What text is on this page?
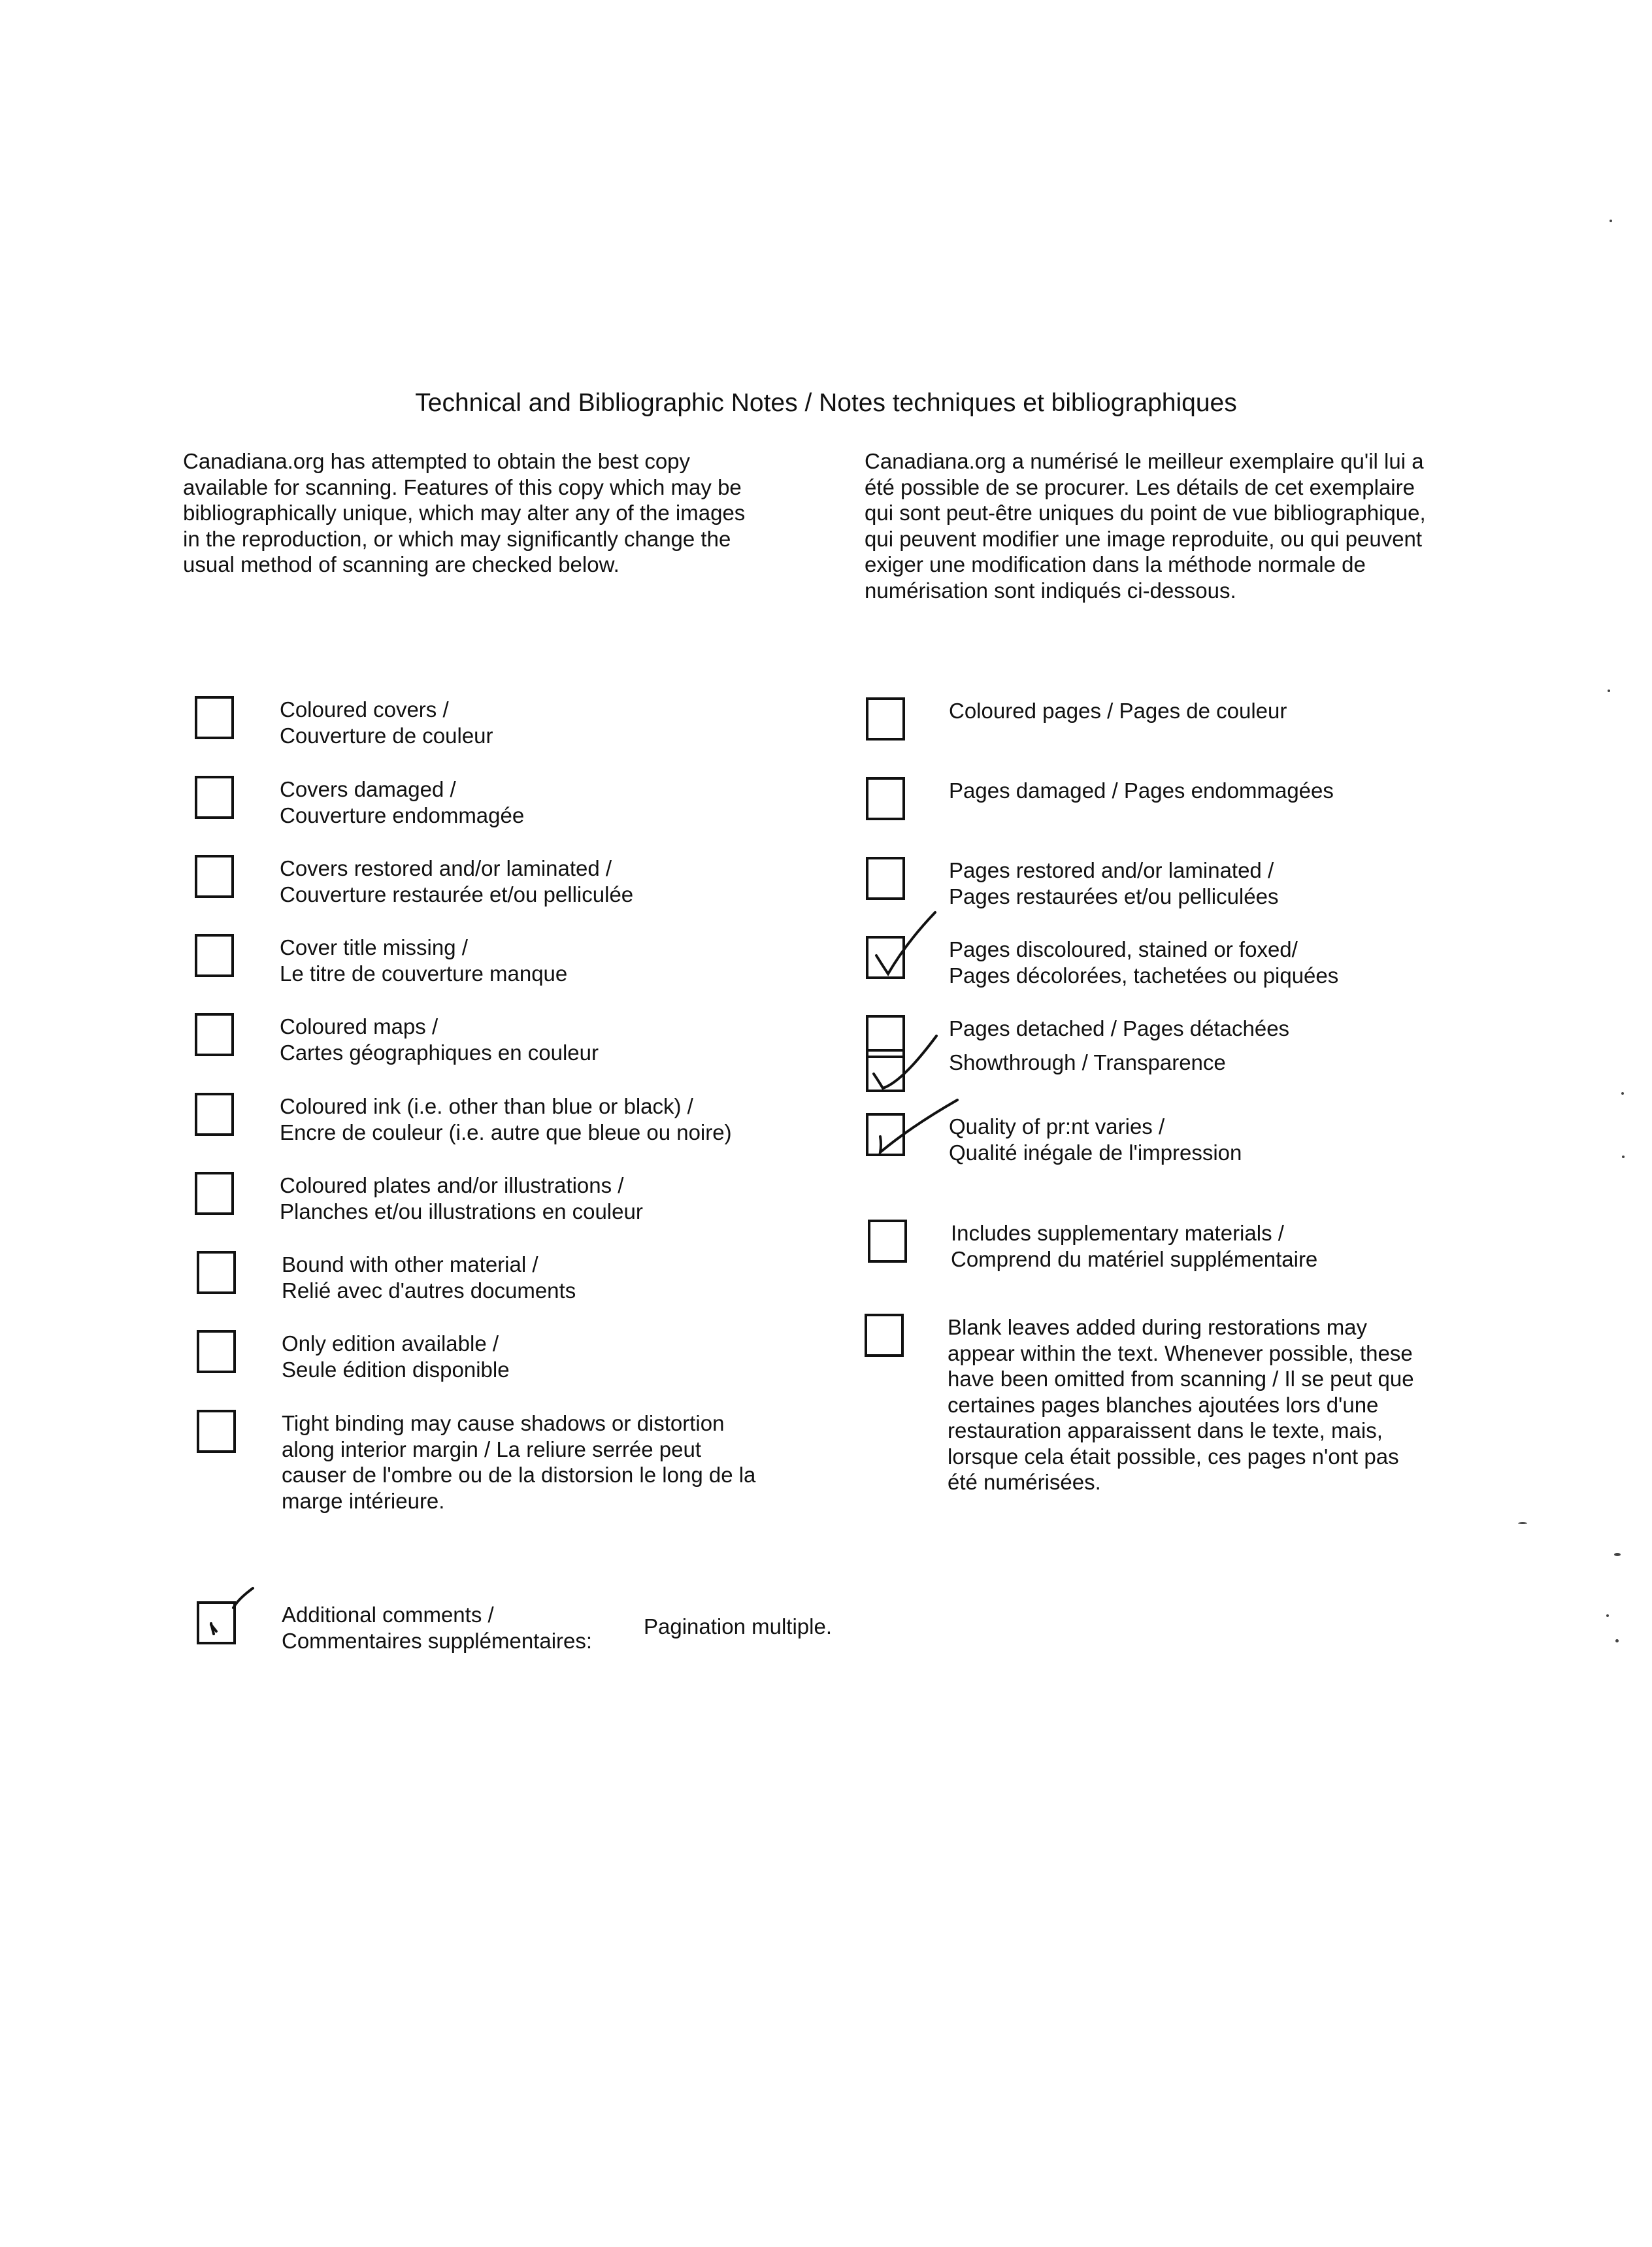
Technical and Bibliographic Notes / Notes techniques et bibliographiques
Canadiana.org has attempted to obtain the best copy
available for scanning. Features of this copy which may be
bibliographically unique, which may alter any of the images
in the reproduction, or which may significantly change the
usual method of scanning are checked below.
Canadiana.org a numérisé le meilleur exemplaire qu'il lui a
été possible de se procurer. Les détails de cet exemplaire
qui sont peut-être uniques du point de vue bibliographique,
qui peuvent modifier une image reproduite, ou qui peuvent
exiger une modification dans la méthode normale de
numérisation sont indiqués ci-dessous.
Coloured covers /
Couverture de couleur
Covers damaged /
Couverture endommagée
Covers restored and/or laminated /
Couverture restaurée et/ou pelliculée
Cover title missing /
Le titre de couverture manque
Coloured maps /
Cartes géographiques en couleur
Coloured ink (i.e. other than blue or black) /
Encre de couleur (i.e. autre que bleue ou noire)
Coloured plates and/or illustrations /
Planches et/ou illustrations en couleur
Bound with other material /
Relié avec d'autres documents
Only edition available /
Seule édition disponible
Tight binding may cause shadows or distortion
along interior margin / La reliure serrée peut
causer de l'ombre ou de la distorsion le long de la
marge intérieure.
Coloured pages / Pages de couleur
Pages damaged / Pages endommagées
Pages restored and/or laminated /
Pages restaurées et/ou pelliculées
Pages discoloured, stained or foxed/
Pages décolorées, tachetées ou piquées
Pages detached / Pages détachées
Showthrough / Transparence
Quality of pr:nt varies /
Qualité inégale de l'impression
Includes supplementary materials /
Comprend du matériel supplémentaire
Blank leaves added during restorations may
appear within the text. Whenever possible, these
have been omitted from scanning / Il se peut que
certaines pages blanches ajoutées lors d'une
restauration apparaissent dans le texte, mais,
lorsque cela était possible, ces pages n'ont pas
été numérisées.
Additional comments /
Commentaires supplémentaires:
Pagination multiple.
